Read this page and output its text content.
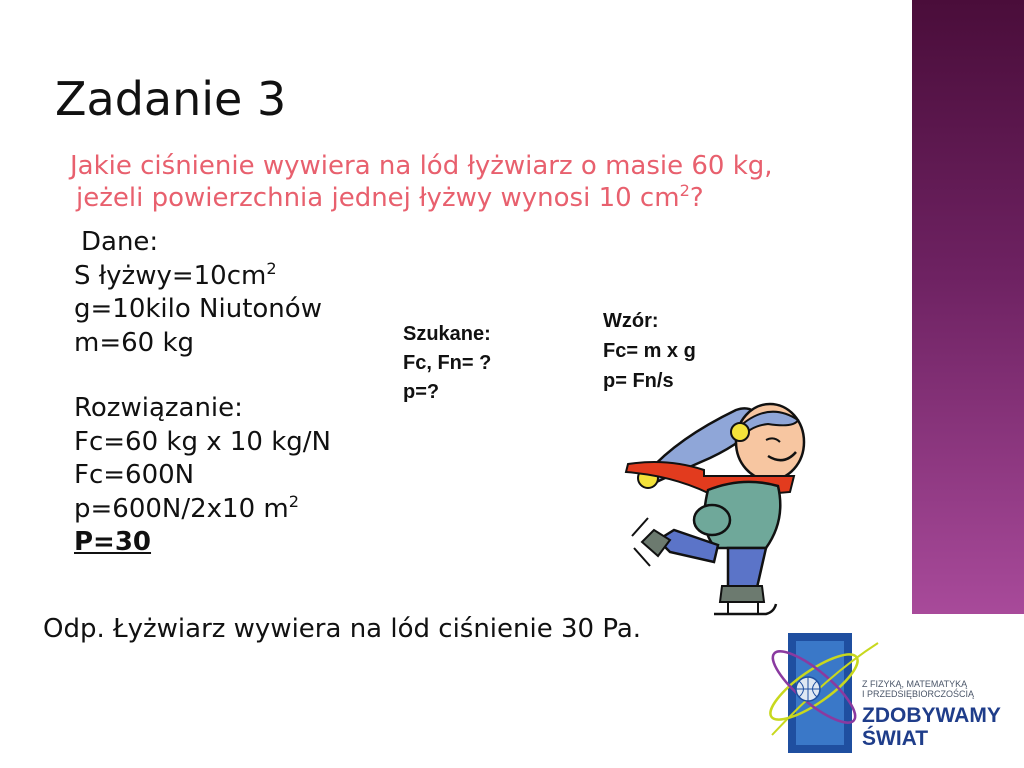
Zadanie 3
Jakie ciśnienie wywiera na lód łyżwiarz o masie 60 kg,
jeżeli powierzchnia jednej łyżwy wynosi 10 $cm^2$?
Dane:
S $łyżwy=10cm^2$
g=10kilo Niutonów
m=60 kg
Rozwiązanie:
Fc=60 kg x 10 kg/N
Fc=600N
p=600N/2x10 $m^2$
P=30
Szukane:
Fc, Fn= ?
p=?
Wzór:
Fc= m x g
p= Fn/s
Odp. Łyżwiarz wywiera na lód ciśnienie 30 Pa.
Z FIZYKĄ, MATEMATYKĄ
I PRZEDSIĘBIORCZOŚCIĄ
ZDOBYWAMY
ŚWIAT
